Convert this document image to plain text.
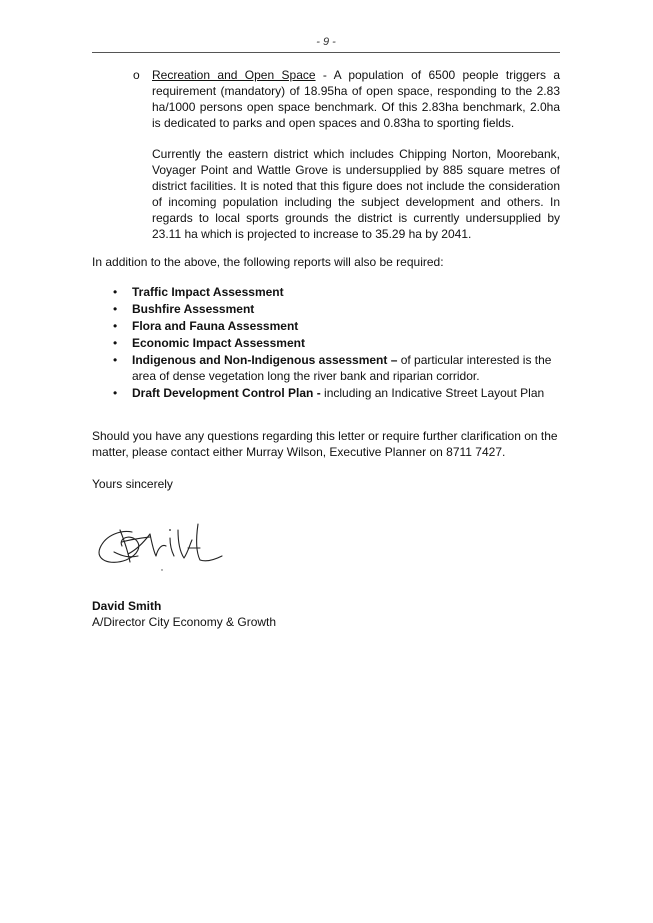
- 9 -
o Recreation and Open Space - A population of 6500 people triggers a requirement (mandatory) of 18.95ha of open space, responding to the 2.83 ha/1000 persons open space benchmark. Of this 2.83ha benchmark, 2.0ha is dedicated to parks and open spaces and 0.83ha to sporting fields.
Currently the eastern district which includes Chipping Norton, Moorebank, Voyager Point and Wattle Grove is undersupplied by 885 square metres of district facilities. It is noted that this figure does not include the consideration of incoming population including the subject development and others. In regards to local sports grounds the district is currently undersupplied by 23.11 ha which is projected to increase to 35.29 ha by 2041.
In addition to the above, the following reports will also be required:
• Traffic Impact Assessment
• Bushfire Assessment
• Flora and Fauna Assessment
• Economic Impact Assessment
• Indigenous and Non-Indigenous assessment – of particular interested is the area of dense vegetation long the river bank and riparian corridor.
• Draft Development Control Plan - including an Indicative Street Layout Plan
Should you have any questions regarding this letter or require further clarification on the matter, please contact either Murray Wilson, Executive Planner on 8711 7427.
Yours sincerely
David Smith
A/Director City Economy & Growth
